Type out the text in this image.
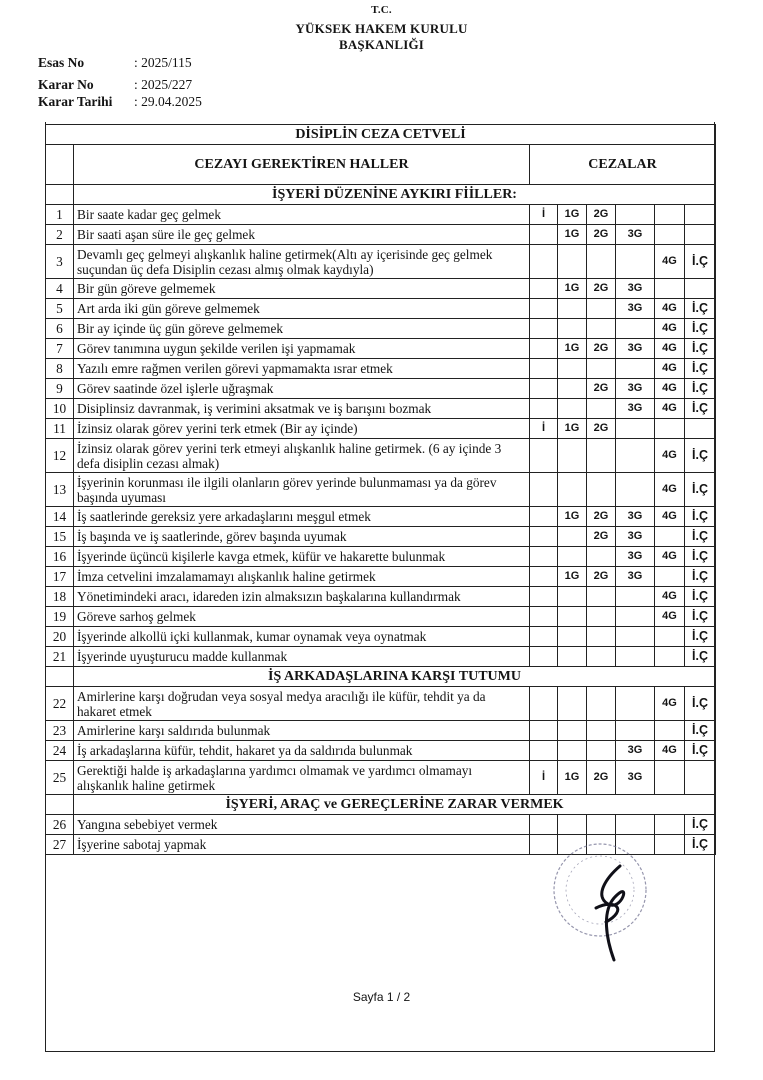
T.C.
YÜKSEK HAKEM KURULU
BAŞKANLIĞI
Esas No	: 2025/115
Karar No	: 2025/227
Karar Tarihi : 29.04.2025
DİSİPLİN CEZA CETVELİ							
	CEZAYI GEREKTİREN HALLER	CEZALAR					
	İŞYERİ DÜZENİNE AYKIRI FİİLLER:						
1	Bir saate kadar geç gelmek	İ	1G	2G			
2	Bir saati aşan süre ile geç gelmek		1G	2G	3G		
3	Devamlı geç gelmeyi alışkanlık haline getirmek(Altı ay içerisinde geç gelmek suçundan üç defa Disiplin cezası almış olmak kaydıyla)					4G	İ.Ç
4	Bir gün göreve gelmemek		1G	2G	3G		
5	Art arda iki gün göreve gelmemek				3G	4G	İ.Ç
6	Bir ay içinde üç gün göreve gelmemek					4G	İ.Ç
7	Görev tanımına uygun şekilde verilen işi yapmamak		1G	2G	3G	4G	İ.Ç
8	Yazılı emre rağmen verilen görevi yapmamakta ısrar etmek					4G	İ.Ç
9	Görev saatinde özel işlerle uğraşmak			2G	3G	4G	İ.Ç
10	Disiplinsiz davranmak, iş verimini aksatmak ve iş barışını bozmak				3G	4G	İ.Ç
11	İzinsiz olarak görev yerini terk etmek (Bir ay içinde)	İ	1G	2G			
12	İzinsiz olarak görev yerini terk etmeyi alışkanlık haline getirmek. (6 ay içinde 3 defa disiplin cezası almak)					4G	İ.Ç
13	İşyerinin korunması ile ilgili olanların görev yerinde bulunmaması ya da görev başında uyuması					4G	İ.Ç
14	İş saatlerinde gereksiz yere arkadaşlarını meşgul etmek		1G	2G	3G	4G	İ.Ç
15	İş başında ve iş saatlerinde, görev başında uyumak			2G	3G		İ.Ç
16	İşyerinde üçüncü kişilerle kavga etmek, küfür ve hakarette bulunmak				3G	4G	İ.Ç
17	İmza cetvelini imzalamamayı alışkanlık haline getirmek		1G	2G	3G		İ.Ç
18	Yönetimindeki aracı, idareden izin almaksızın başkalarına kullandırmak					4G	İ.Ç
19	Göreve sarhoş gelmek					4G	İ.Ç
20	İşyerinde alkollü içki kullanmak, kumar oynamak veya oynatmak						İ.Ç
21	İşyerinde uyuşturucu madde kullanmak						İ.Ç
	İŞ ARKADAŞLARINA KARŞI TUTUMU						
22	Amirlerine karşı doğrudan veya sosyal medya aracılığı ile küfür, tehdit ya da hakaret etmek					4G	İ.Ç
23	Amirlerine karşı saldırıda bulunmak						İ.Ç
24	İş arkadaşlarına küfür, tehdit, hakaret ya da saldırıda bulunmak				3G	4G	İ.Ç
25	Gerektiği halde iş arkadaşlarına yardımcı olmamak ve yardımcı olmamayı alışkanlık haline getirmek	İ	1G	2G	3G		
	İŞYERİ, ARAÇ ve GEREÇLERİNE ZARAR VERMEK						
26	Yangına sebebiyet vermek						İ.Ç
27	İşyerine sabotaj yapmak						İ.Ç
Sayfa 1 / 2
